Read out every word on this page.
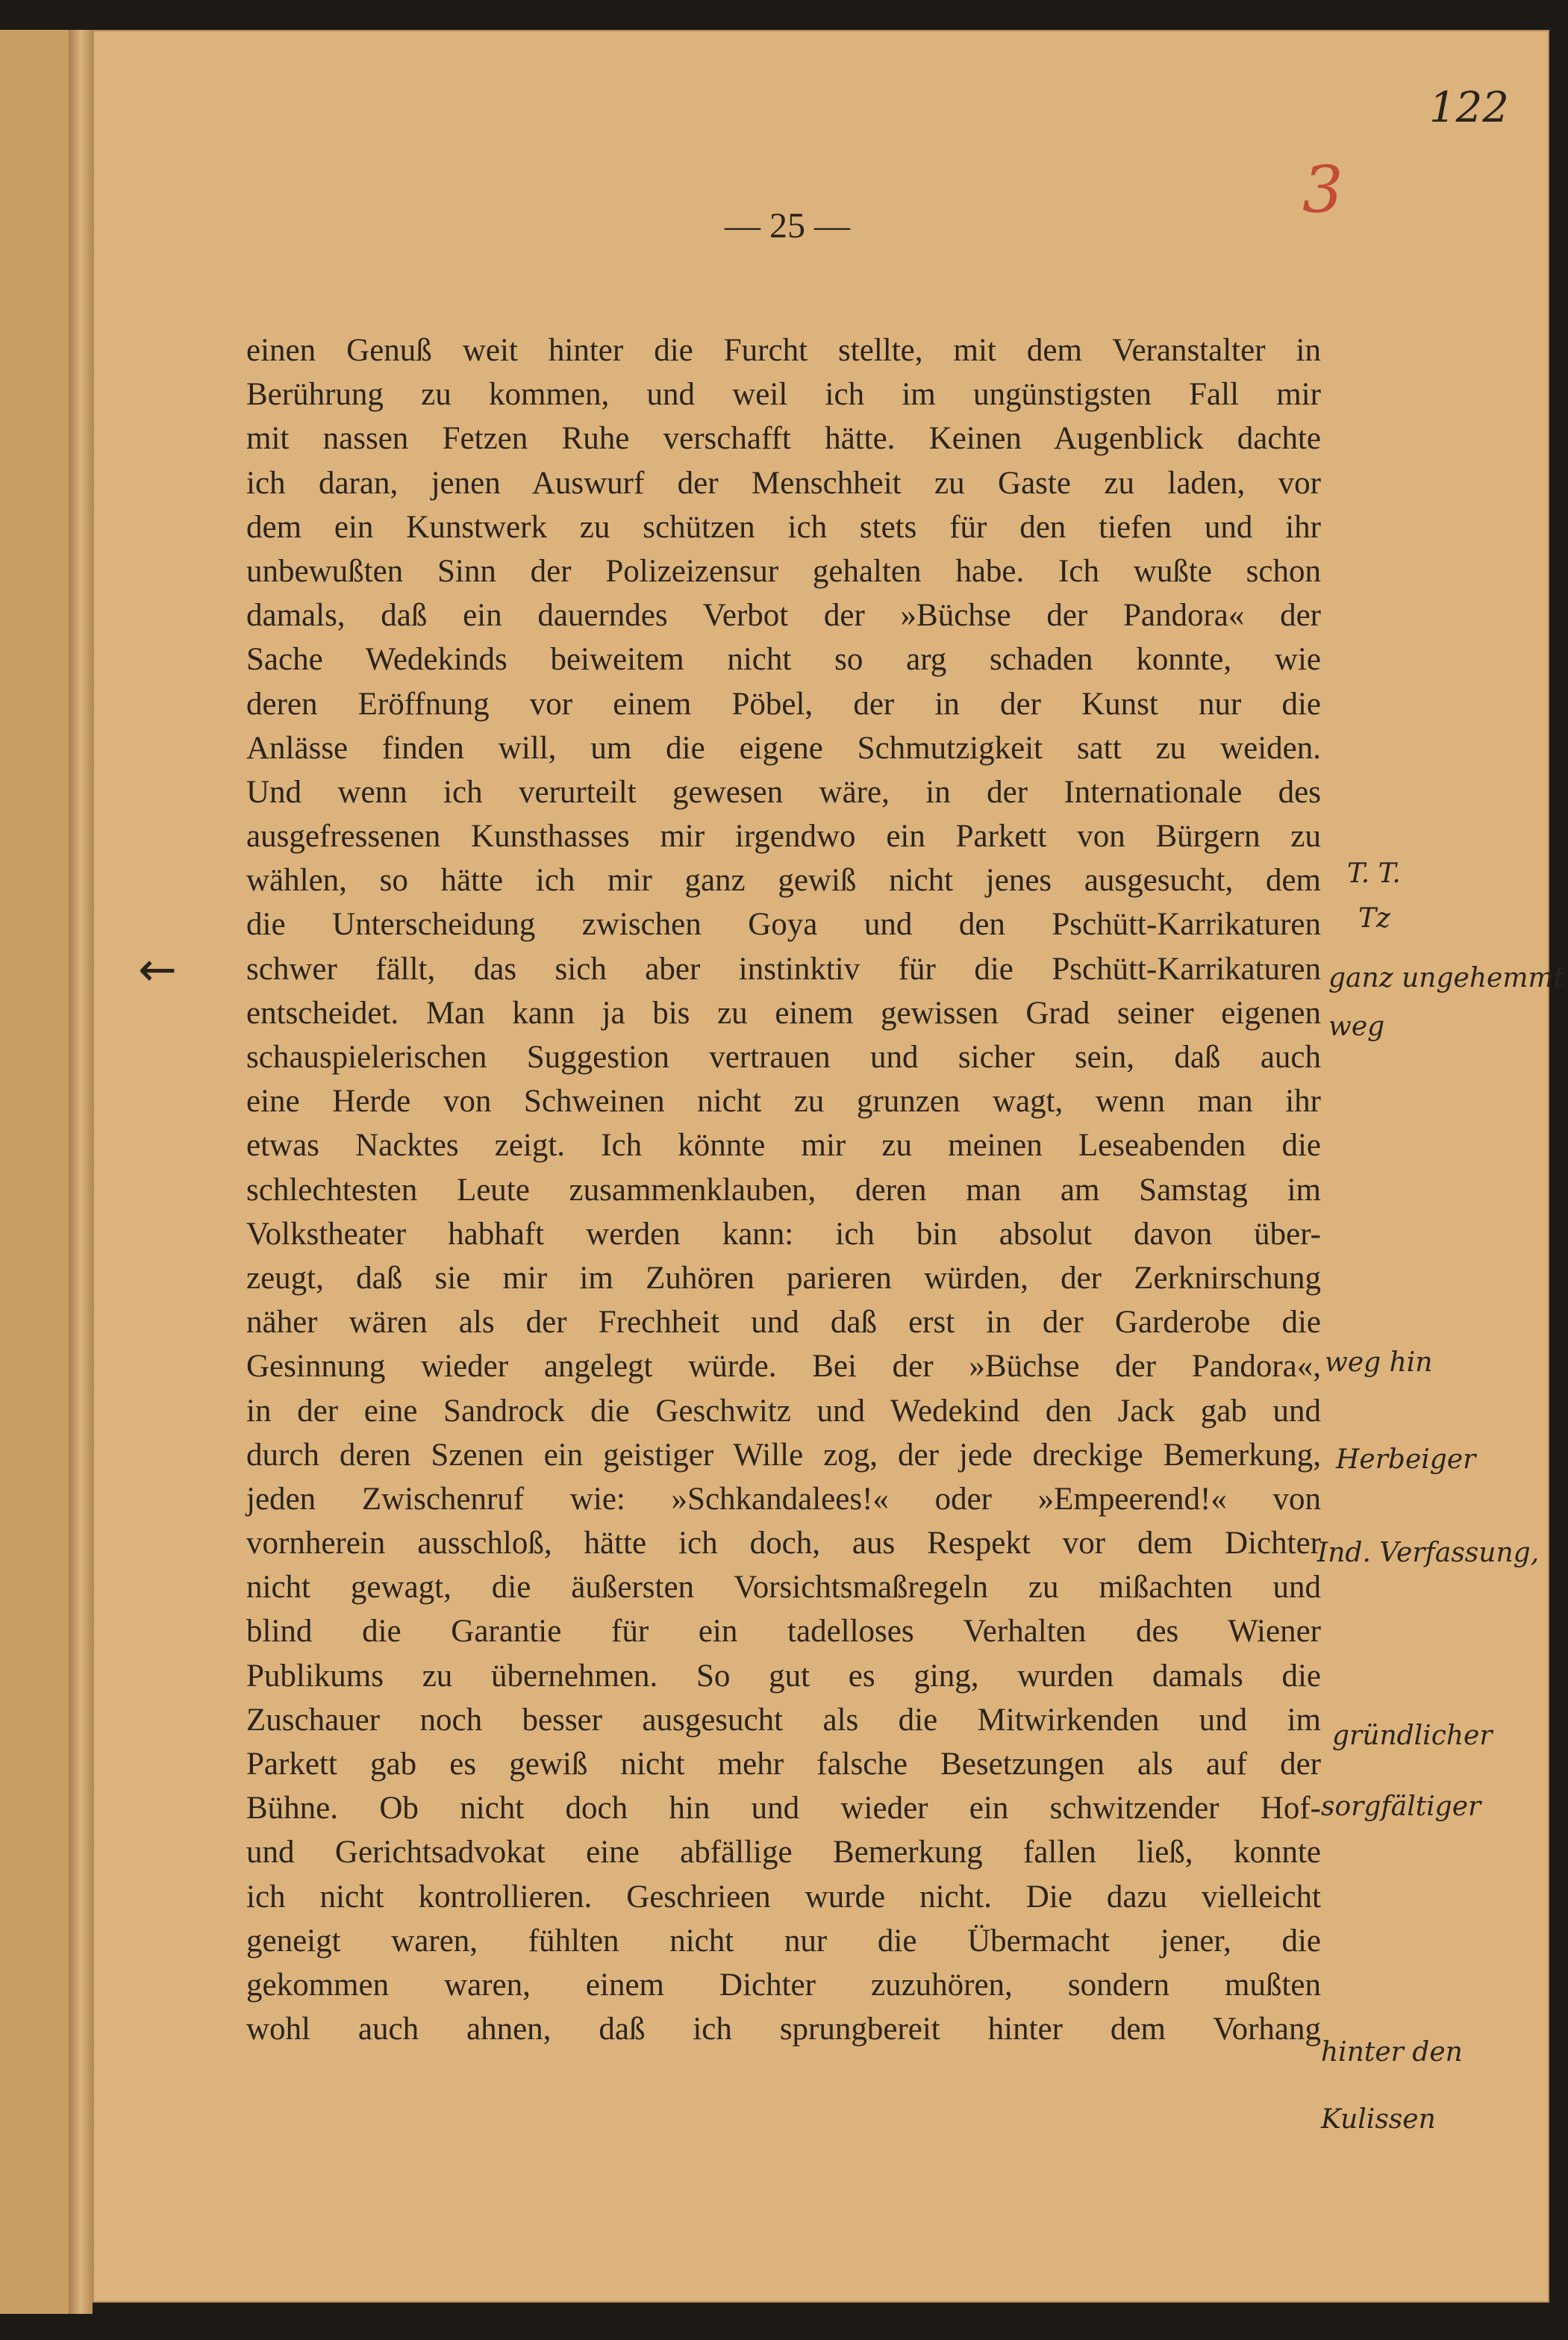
122
3
— 25 —
einen Genuß weit hinter die Furcht stellte, mit dem Veranstalter in
Berührung zu kommen, und weil ich im ungünstigsten Fall mir
mit nassen Fetzen Ruhe verschafft hätte. Keinen Augenblick dachte
ich daran, jenen Auswurf der Menschheit zu Gaste zu laden, vor
dem ein Kunstwerk zu schützen ich stets für den tiefen und ihr
unbewußten Sinn der Polizeizensur gehalten habe. Ich wußte schon
damals, daß ein dauerndes Verbot der »Büchse der Pandora« der
Sache Wedekinds beiweitem nicht so arg schaden konnte, wie
deren Eröffnung vor einem Pöbel, der in der Kunst nur die
Anlässe finden will, um die eigene Schmutzigkeit satt zu weiden.
Und wenn ich verurteilt gewesen wäre, in der Internationale des
ausgefressenen Kunsthasses mir irgendwo ein Parkett von Bürgern zu
wählen, so hätte ich mir ganz gewiß nicht jenes ausgesucht, dem
die Unterscheidung zwischen Goya und den Pschütt-Karrikaturen
schwer fällt, das sich aber instinktiv für die Pschütt-Karrikaturen
entscheidet. Man kann ja bis zu einem gewissen Grad seiner eigenen
schauspielerischen Suggestion vertrauen und sicher sein, daß auch
eine Herde von Schweinen nicht zu grunzen wagt, wenn man ihr
etwas Nacktes zeigt. Ich könnte mir zu meinen Leseabenden die
schlechtesten Leute zusammenklauben, deren man am Samstag im
Volkstheater habhaft werden kann: ich bin absolut davon über-
zeugt, daß sie mir im Zuhören parieren würden, der Zerknirschung
näher wären als der Frechheit und daß erst in der Garderobe die
Gesinnung wieder angelegt würde. Bei der »Büchse der Pandora«,
in der eine Sandrock die Geschwitz und Wedekind den Jack gab und
durch deren Szenen ein geistiger Wille zog, der jede dreckige Bemerkung,
jeden Zwischenruf wie: »Schkandalees!« oder »Empeerend!« von
vornherein ausschloß, hätte ich doch, aus Respekt vor dem Dichter
nicht gewagt, die äußersten Vorsichtsmaßregeln zu mißachten und
blind die Garantie für ein tadelloses Verhalten des Wiener
Publikums zu übernehmen. So gut es ging, wurden damals die
Zuschauer noch besser ausgesucht als die Mitwirkenden und im
Parkett gab es gewiß nicht mehr falsche Besetzungen als auf der
Bühne. Ob nicht doch hin und wieder ein schwitzender Hof-
und Gerichtsadvokat eine abfällige Bemerkung fallen ließ, konnte
ich nicht kontrollieren. Geschrieen wurde nicht. Die dazu vielleicht
geneigt waren, fühlten nicht nur die Übermacht jener, die
gekommen waren, einem Dichter zuzuhören, sondern mußten
wohl auch ahnen, daß ich sprungbereit hinter dem Vorhang
←
T. T.
Tz
ganz ungehemmt
weg
weg hin
Herbeiger
Ind. Verfassung,
gründlicher
sorgfältiger
hinter den Kulissen
